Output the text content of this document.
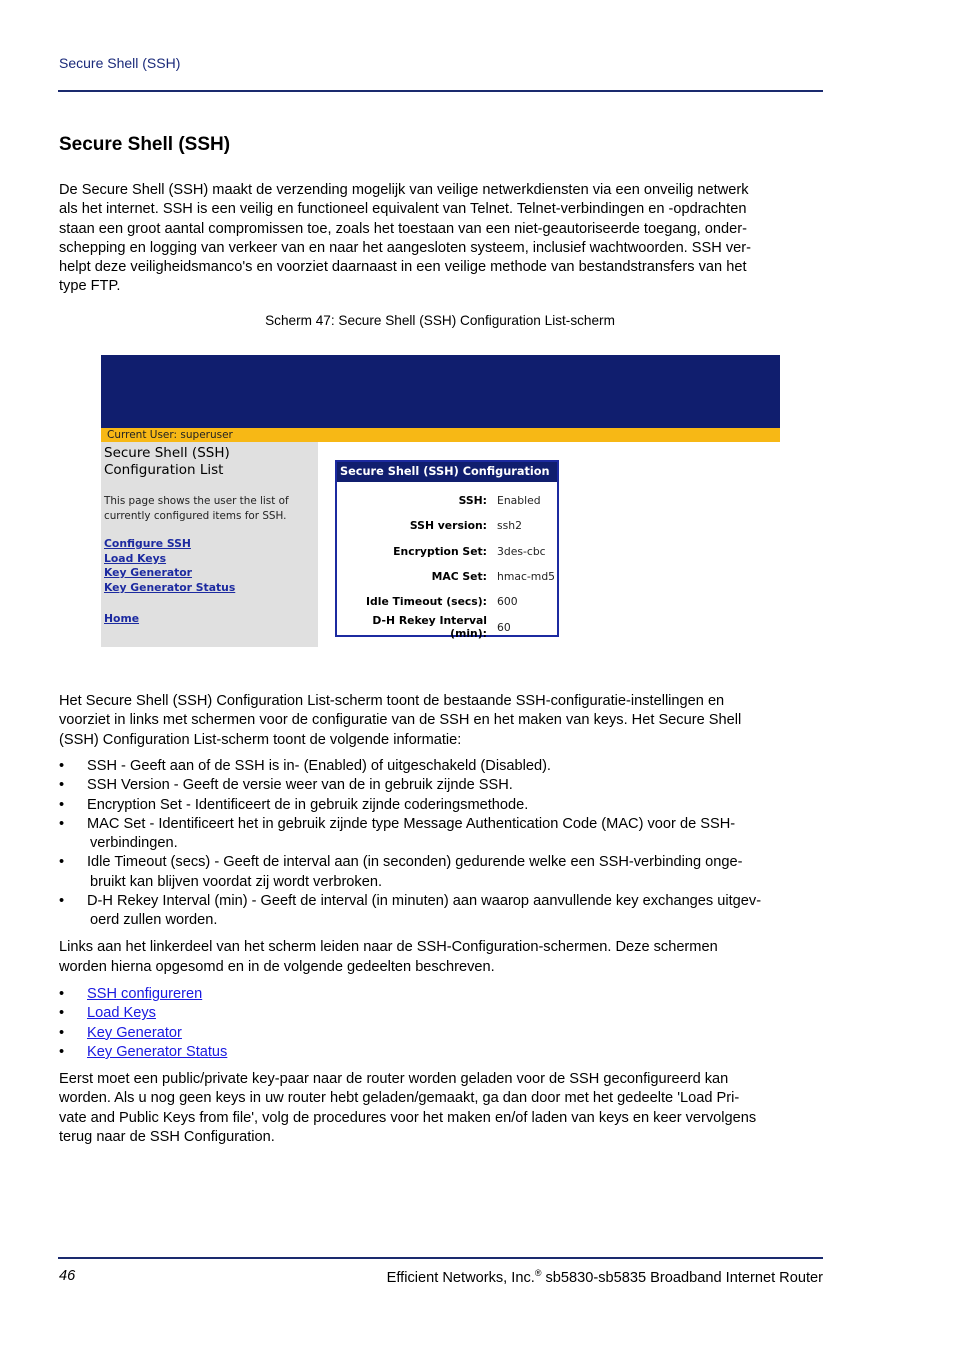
Secure Shell (SSH)
Secure Shell (SSH)
De Secure Shell (SSH) maakt de verzending mogelijk van veilige netwerkdiensten via een onveilig netwerk
als het internet. SSH is een veilig en functioneel equivalent van Telnet. Telnet-verbindingen en -opdrachten
staan een groot aantal compromissen toe, zoals het toestaan van een niet-geautoriseerde toegang, onder-
schepping en logging van verkeer van en naar het aangesloten systeem, inclusief wachtwoorden. SSH ver-
helpt deze veiligheidsmanco's en voorziet daarnaast in een veilige methode van bestandstransfers van het
type FTP.
Scherm 47: Secure Shell (SSH) Configuration List-scherm
Current User: superuser
Secure Shell (SSH)
Configuration List
This page shows the user the list of
currently configured items for SSH.
Configure SSH
Load Keys
Key Generator
Key Generator Status
Home
Secure Shell (SSH) Configuration List
SSH:	Enabled
SSH version:	ssh2
Encryption Set:	3des-cbc
MAC Set:	hmac-md5
Idle Timeout (secs):	600
D-H Rekey Interval (min):	60
Het Secure Shell (SSH) Configuration List-scherm toont de bestaande SSH-configuratie-instellingen en
voorziet in links met schermen voor de configuratie van de SSH en het maken van keys. Het Secure Shell
(SSH) Configuration List-scherm toont de volgende informatie:
• SSH - Geeft aan of de SSH is in- (Enabled) of uitgeschakeld (Disabled).
• SSH Version - Geeft de versie weer van de in gebruik zijnde SSH.
• Encryption Set - Identificeert de in gebruik zijnde coderingsmethode.
• MAC Set - Identificeert het in gebruik zijnde type Message Authentication Code (MAC) voor de SSH-
verbindingen.
• Idle Timeout (secs) - Geeft de interval aan (in seconden) gedurende welke een SSH-verbinding onge-
bruikt kan blijven voordat zij wordt verbroken.
• D-H Rekey Interval (min) - Geeft de interval (in minuten) aan waarop aanvullende key exchanges uitgev-
oerd zullen worden.
Links aan het linkerdeel van het scherm leiden naar de SSH-Configuration-schermen. Deze schermen
worden hierna opgesomd en in de volgende gedeelten beschreven.
• SSH configureren
• Load Keys
• Key Generator
• Key Generator Status
Eerst moet een public/private key-paar naar de router worden geladen voor de SSH geconfigureerd kan
worden. Als u nog geen keys in uw router hebt geladen/gemaakt, ga dan door met het gedeelte 'Load Pri-
vate and Public Keys from file', volg de procedures voor het maken en/of laden van keys en keer vervolgens
terug naar de SSH Configuration.
46	Efficient Networks, Inc.® sb5830-sb5835 Broadband Internet Router
